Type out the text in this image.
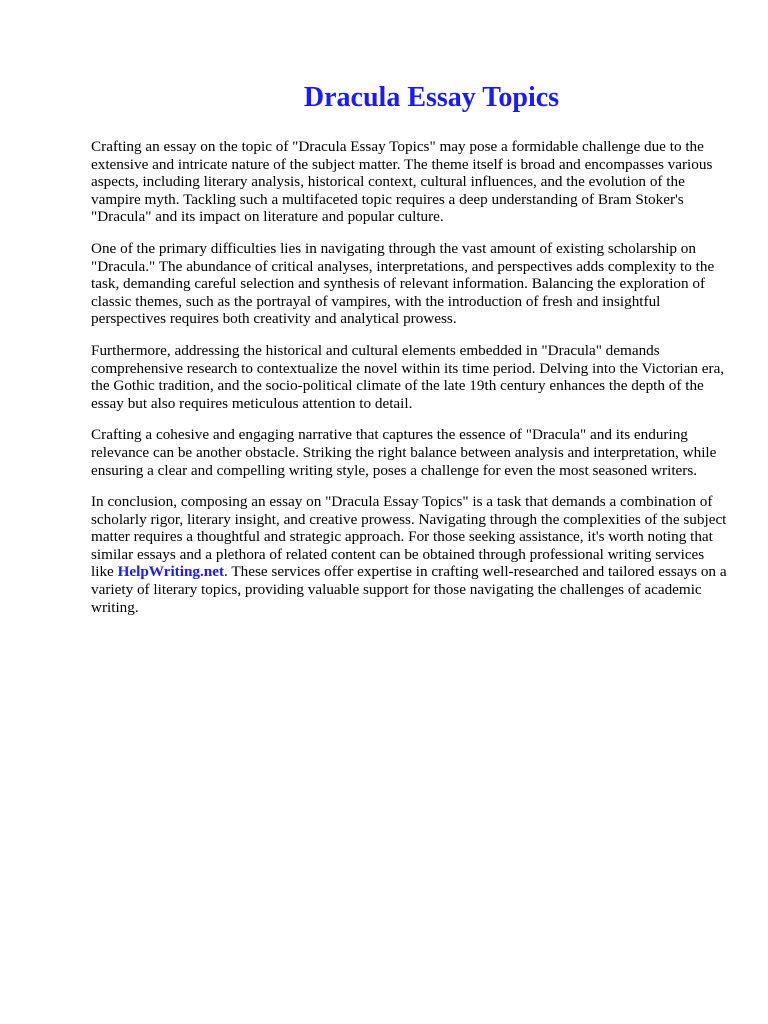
Dracula Essay Topics

Crafting an essay on the topic of "Dracula Essay Topics" may pose a formidable challenge due to the extensive and intricate nature of the subject matter. The theme itself is broad and encompasses various aspects, including literary analysis, historical context, cultural influences, and the evolution of the vampire myth. Tackling such a multifaceted topic requires a deep understanding of Bram Stoker's "Dracula" and its impact on literature and popular culture.

One of the primary difficulties lies in navigating through the vast amount of existing scholarship on "Dracula." The abundance of critical analyses, interpretations, and perspectives adds complexity to the task, demanding careful selection and synthesis of relevant information. Balancing the exploration of classic themes, such as the portrayal of vampires, with the introduction of fresh and insightful perspectives requires both creativity and analytical prowess.

Furthermore, addressing the historical and cultural elements embedded in "Dracula" demands comprehensive research to contextualize the novel within its time period. Delving into the Victorian era, the Gothic tradition, and the socio-political climate of the late 19th century enhances the depth of the essay but also requires meticulous attention to detail.

Crafting a cohesive and engaging narrative that captures the essence of "Dracula" and its enduring relevance can be another obstacle. Striking the right balance between analysis and interpretation, while ensuring a clear and compelling writing style, poses a challenge for even the most seasoned writers.

In conclusion, composing an essay on "Dracula Essay Topics" is a task that demands a combination of scholarly rigor, literary insight, and creative prowess. Navigating through the complexities of the subject matter requires a thoughtful and strategic approach. For those seeking assistance, it's worth noting that similar essays and a plethora of related content can be obtained through professional writing services like HelpWriting.net. These services offer expertise in crafting well-researched and tailored essays on a variety of literary topics, providing valuable support for those navigating the challenges of academic writing.
